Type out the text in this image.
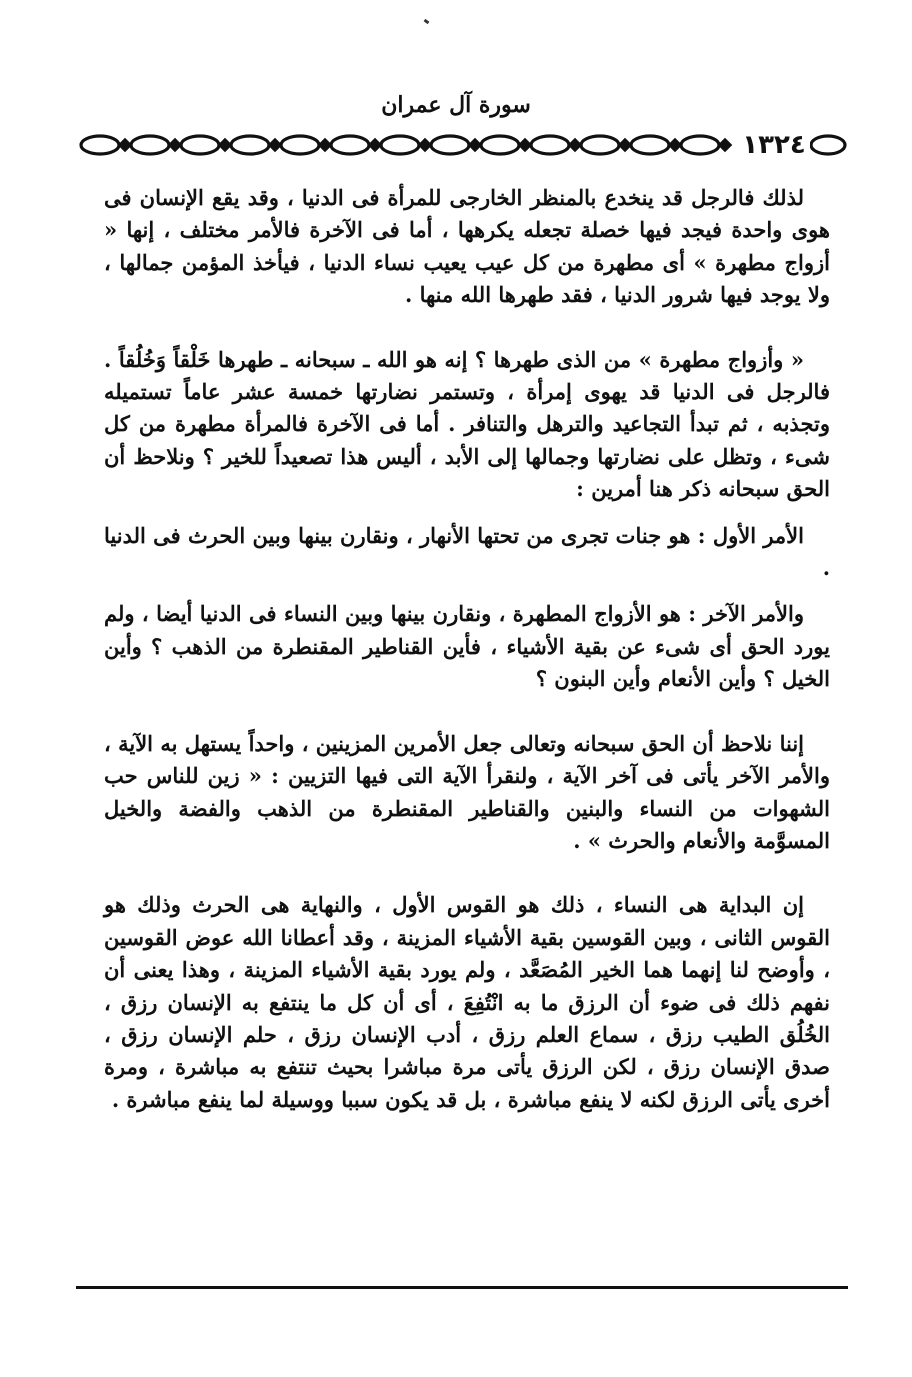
سورة آل عمران
١٣٢٤

لذلك فالرجل قد ينخدع بالمنظر الخارجى للمرأة فى الدنيا ، وقد يقع الإنسان فى هوى واحدة فيجد فيها خصلة تجعله يكرهها ، أما فى الآخرة فالأمر مختلف ، إنها « أزواج مطهرة » أى مطهرة من كل عيب يعيب نساء الدنيا ، فيأخذ المؤمن جمالها ، ولا يوجد فيها شرور الدنيا ، فقد طهرها الله منها .

« وأزواج مطهرة » من الذى طهرها ؟ إنه هو الله ـ سبحانه ـ طهرها خَلْقاً وَخُلُقاً . فالرجل فى الدنيا قد يهوى إمرأة ، وتستمر نضارتها خمسة عشر عاماً تستميله وتجذبه ، ثم تبدأ التجاعيد والترهل والتنافر . أما فى الآخرة فالمرأة مطهرة من كل شىء ، وتظل على نضارتها وجمالها إلى الأبد ، أليس هذا تصعيداً للخير ؟ ونلاحظ أن الحق سبحانه ذكر هنا أمرين :

الأمر الأول : هو جنات تجرى من تحتها الأنهار ، ونقارن بينها وبين الحرث فى الدنيا .

والأمر الآخر : هو الأزواج المطهرة ، ونقارن بينها وبين النساء فى الدنيا أيضا ، ولم يورد الحق أى شىء عن بقية الأشياء ، فأين القناطير المقنطرة من الذهب ؟ وأين الخيل ؟ وأين الأنعام وأين البنون ؟

إننا نلاحظ أن الحق سبحانه وتعالى جعل الأمرين المزينين ، واحداً يستهل به الآية ، والأمر الآخر يأتى فى آخر الآية ، ولنقرأ الآية التى فيها التزيين : « زين للناس حب الشهوات من النساء والبنين والقناطير المقنطرة من الذهب والفضة والخيل المسوَّمة والأنعام والحرث » .

إن البداية هى النساء ، ذلك هو القوس الأول ، والنهاية هى الحرث وذلك هو القوس الثانى ، وبين القوسين بقية الأشياء المزينة ، وقد أعطانا الله عوض القوسين ، وأوضح لنا إنهما هما الخير المُصَعَّد ، ولم يورد بقية الأشياء المزينة ، وهذا يعنى أن نفهم ذلك فى ضوء أن الرزق ما به انْتُفِعَ ، أى أن كل ما ينتفع به الإنسان رزق ، الخُلُق الطيب رزق ، سماع العلم رزق ، أدب الإنسان رزق ، حلم الإنسان رزق ، صدق الإنسان رزق ، لكن الرزق يأتى مرة مباشرا بحيث تنتفع به مباشرة ، ومرة أخرى يأتى الرزق لكنه لا ينفع مباشرة ، بل قد يكون سببا ووسيلة لما ينفع مباشرة .
